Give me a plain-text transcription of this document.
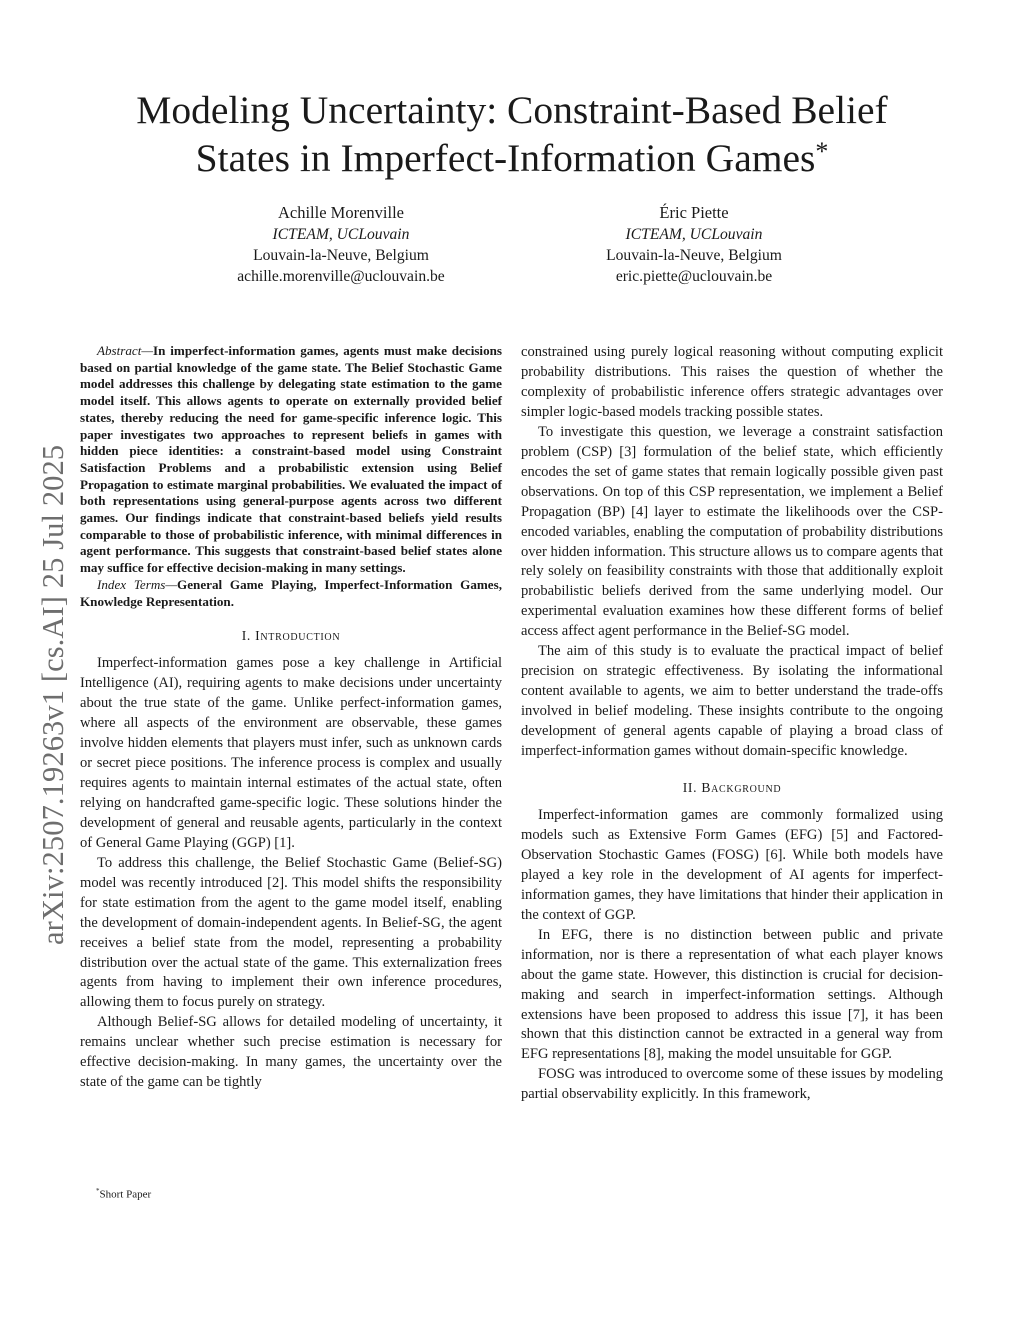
arXiv:2507.19263v1 [cs.AI] 25 Jul 2025
Modeling Uncertainty: Constraint-Based Belief
States in Imperfect-Information Games*
Achille Morenville
ICTEAM, UCLouvain
Louvain-la-Neuve, Belgium
achille.morenville@uclouvain.be
Éric Piette
ICTEAM, UCLouvain
Louvain-la-Neuve, Belgium
eric.piette@uclouvain.be

Abstract—In imperfect-information games, agents must make decisions based on partial knowledge of the game state. The Belief Stochastic Game model addresses this challenge by delegating state estimation to the game model itself. This allows agents to operate on externally provided belief states, thereby reducing the need for game-specific inference logic. This paper investigates two approaches to represent beliefs in games with hidden piece identities: a constraint-based model using Constraint Satisfaction Problems and a probabilistic extension using Belief Propagation to estimate marginal probabilities. We evaluated the impact of both representations using general-purpose agents across two different games. Our findings indicate that constraint-based beliefs yield results comparable to those of probabilistic inference, with minimal differences in agent performance. This suggests that constraint-based belief states alone may suffice for effective decision-making in many settings.

Index Terms—General Game Playing, Imperfect-Information Games, Knowledge Representation.

I. Introduction

Imperfect-information games pose a key challenge in Artificial Intelligence (AI), requiring agents to make decisions under uncertainty about the true state of the game. Unlike perfect-information games, where all aspects of the environment are observable, these games involve hidden elements that players must infer, such as unknown cards or secret piece positions. The inference process is complex and usually requires agents to maintain internal estimates of the actual state, often relying on handcrafted game-specific logic. These solutions hinder the development of general and reusable agents, particularly in the context of General Game Playing (GGP) [1].

To address this challenge, the Belief Stochastic Game (Belief-SG) model was recently introduced [2]. This model shifts the responsibility for state estimation from the agent to the game model itself, enabling the development of domain-independent agents. In Belief-SG, the agent receives a belief state from the model, representing a probability distribution over the actual state of the game. This externalization frees agents from having to implement their own inference procedures, allowing them to focus purely on strategy.

Although Belief-SG allows for detailed modeling of uncertainty, it remains unclear whether such precise estimation is necessary for effective decision-making. In many games, the uncertainty over the state of the game can be tightly

constrained using purely logical reasoning without computing explicit probability distributions. This raises the question of whether the complexity of probabilistic inference offers strategic advantages over simpler logic-based models tracking possible states.

To investigate this question, we leverage a constraint satisfaction problem (CSP) [3] formulation of the belief state, which efficiently encodes the set of game states that remain logically possible given past observations. On top of this CSP representation, we implement a Belief Propagation (BP) [4] layer to estimate the likelihoods over the CSP-encoded variables, enabling the computation of probability distributions over hidden information. This structure allows us to compare agents that rely solely on feasibility constraints with those that additionally exploit probabilistic beliefs derived from the same underlying model. Our experimental evaluation examines how these different forms of belief access affect agent performance in the Belief-SG model.

The aim of this study is to evaluate the practical impact of belief precision on strategic effectiveness. By isolating the informational content available to agents, we aim to better understand the trade-offs involved in belief modeling. These insights contribute to the ongoing development of general agents capable of playing a broad class of imperfect-information games without domain-specific knowledge.

II. Background

Imperfect-information games are commonly formalized using models such as Extensive Form Games (EFG) [5] and Factored-Observation Stochastic Games (FOSG) [6]. While both models have played a key role in the development of AI agents for imperfect-information games, they have limitations that hinder their application in the context of GGP.

In EFG, there is no distinction between public and private information, nor is there a representation of what each player knows about the game state. However, this distinction is crucial for decision-making and search in imperfect-information settings. Although extensions have been proposed to address this issue [7], it has been shown that this distinction cannot be extracted in a general way from EFG representations [8], making the model unsuitable for GGP.

FOSG was introduced to overcome some of these issues by modeling partial observability explicitly. In this framework,

*Short Paper
